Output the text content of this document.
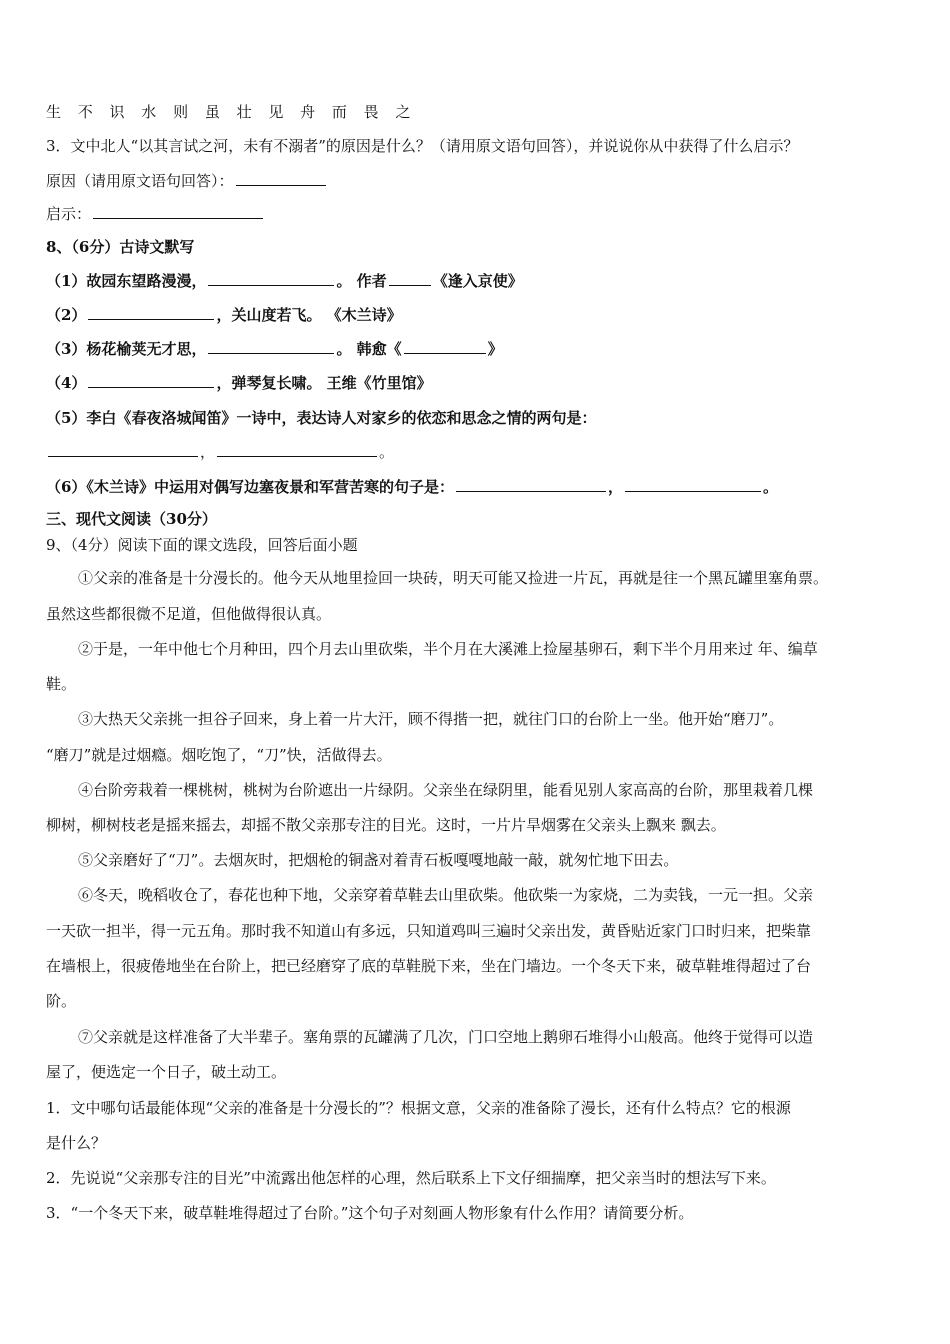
生 不 识 水 则 虽 壮 见 舟 而 畏 之
3．文中北人“以其言试之河，未有不溺者”的原因是什么？（请用原文语句回答），并说说你从中获得了什么启示？
原因（请用原文语句回答）：
启示：
8、（6分）古诗文默写
（1）故园东望路漫漫，	。 作者	《逢入京使》
（2）	，关山度若飞。 《木兰诗》
（3）杨花榆荚无才思，	。 韩愈《	》
（4）	，弹琴复长啸。 王维《竹里馆》
（5）李白《春夜洛城闻笛》一诗中，表达诗人对家乡的依恋和思念之情的两句是：
，	。
（6）《木兰诗》中运用对偶写边塞夜景和军营苦寒的句子是：	，	。
三、现代文阅读（30分）
9、（4分）阅读下面的课文选段，回答后面小题
①父亲的准备是十分漫长的。他今天从地里捡回一块砖，明天可能又捡进一片瓦，再就是往一个黑瓦罐里塞角票。
虽然这些都很微不足道，但他做得很认真。
②于是，一年中他七个月种田，四个月去山里砍柴，半个月在大溪滩上捡屋基卵石，剩下半个月用来过 年、编草
鞋。
③大热天父亲挑一担谷子回来，身上着一片大汗，顾不得揩一把，就往门口的台阶上一坐。他开始“磨刀”。
“磨刀”就是过烟瘾。烟吃饱了，“刀”快，活做得去。
④台阶旁栽着一棵桃树，桃树为台阶遮出一片绿阴。父亲坐在绿阴里，能看见别人家高高的台阶，那里栽着几棵
柳树，柳树枝老是摇来摇去，却摇不散父亲那专注的目光。这时，一片片旱烟雾在父亲头上飘来 飘去。
⑤父亲磨好了“刀”。去烟灰时，把烟枪的铜盏对着青石板嘎嘎地敲一敲，就匆忙地下田去。
⑥冬天，晚稻收仓了，春花也种下地，父亲穿着草鞋去山里砍柴。他砍柴一为家烧，二为卖钱，一元一担。父亲
一天砍一担半，得一元五角。那时我不知道山有多远，只知道鸡叫三遍时父亲出发，黄昏贴近家门口时归来，把柴靠
在墙根上，很疲倦地坐在台阶上，把已经磨穿了底的草鞋脱下来，坐在门墙边。一个冬天下来，破草鞋堆得超过了台
阶。
⑦父亲就是这样准备了大半辈子。塞角票的瓦罐满了几次，门口空地上鹅卵石堆得小山般高。他终于觉得可以造
屋了，便选定一个日子，破土动工。
1．文中哪句话最能体现“父亲的准备是十分漫长的”？根据文意，父亲的准备除了漫长，还有什么特点？它的根源
是什么？
2．先说说“父亲那专注的目光”中流露出他怎样的心理，然后联系上下文仔细揣摩，把父亲当时的想法写下来。
3．“一个冬天下来，破草鞋堆得超过了台阶。”这个句子对刻画人物形象有什么作用？请简要分析。
